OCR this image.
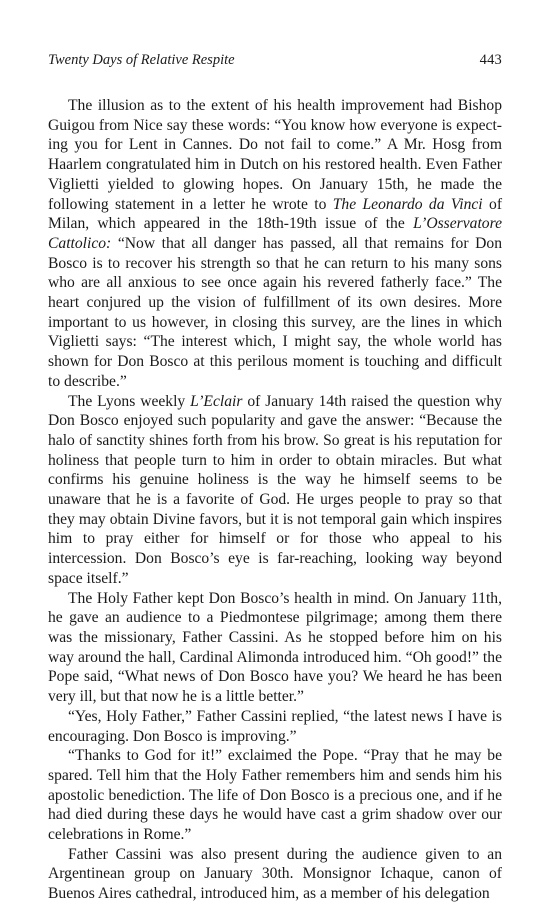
Twenty Days of Relative Respite	443

The illusion as to the extent of his health improvement had Bishop Guigou from Nice say these words: “You know how everyone is expecting you for Lent in Cannes. Do not fail to come.” A Mr. Hosg from Haarlem congratulated him in Dutch on his restored health. Even Father Viglietti yielded to glowing hopes. On January 15th, he made the following statement in a letter he wrote to The Leonardo da Vinci of Milan, which appeared in the 18th-19th issue of the L’Osservatore Cattolico: “Now that all danger has passed, all that remains for Don Bosco is to recover his strength so that he can return to his many sons who are all anxious to see once again his revered fatherly face.” The heart conjured up the vision of fulfillment of its own desires. More important to us however, in closing this survey, are the lines in which Viglietti says: “The interest which, I might say, the whole world has shown for Don Bosco at this perilous moment is touching and difficult to describe.”

The Lyons weekly L’Eclair of January 14th raised the question why Don Bosco enjoyed such popularity and gave the answer: “Because the halo of sanctity shines forth from his brow. So great is his reputation for holiness that people turn to him in order to obtain miracles. But what confirms his genuine holiness is the way he himself seems to be unaware that he is a favorite of God. He urges people to pray so that they may obtain Divine favors, but it is not temporal gain which inspires him to pray either for himself or for those who appeal to his intercession. Don Bosco’s eye is far-reaching, looking way beyond space itself.”

The Holy Father kept Don Bosco’s health in mind. On January 11th, he gave an audience to a Piedmontese pilgrimage; among them there was the missionary, Father Cassini. As he stopped before him on his way around the hall, Cardinal Alimonda introduced him. “Oh good!” the Pope said, “What news of Don Bosco have you? We heard he has been very ill, but that now he is a little better.”

“Yes, Holy Father,” Father Cassini replied, “the latest news I have is encouraging. Don Bosco is improving.”

“Thanks to God for it!” exclaimed the Pope. “Pray that he may be spared. Tell him that the Holy Father remembers him and sends him his apostolic benediction. The life of Don Bosco is a precious one, and if he had died during these days he would have cast a grim shadow over our celebrations in Rome.”

Father Cassini was also present during the audience given to an Argentinean group on January 30th. Monsignor Ichaque, canon of Buenos Aires cathedral, introduced him, as a member of his delegation
